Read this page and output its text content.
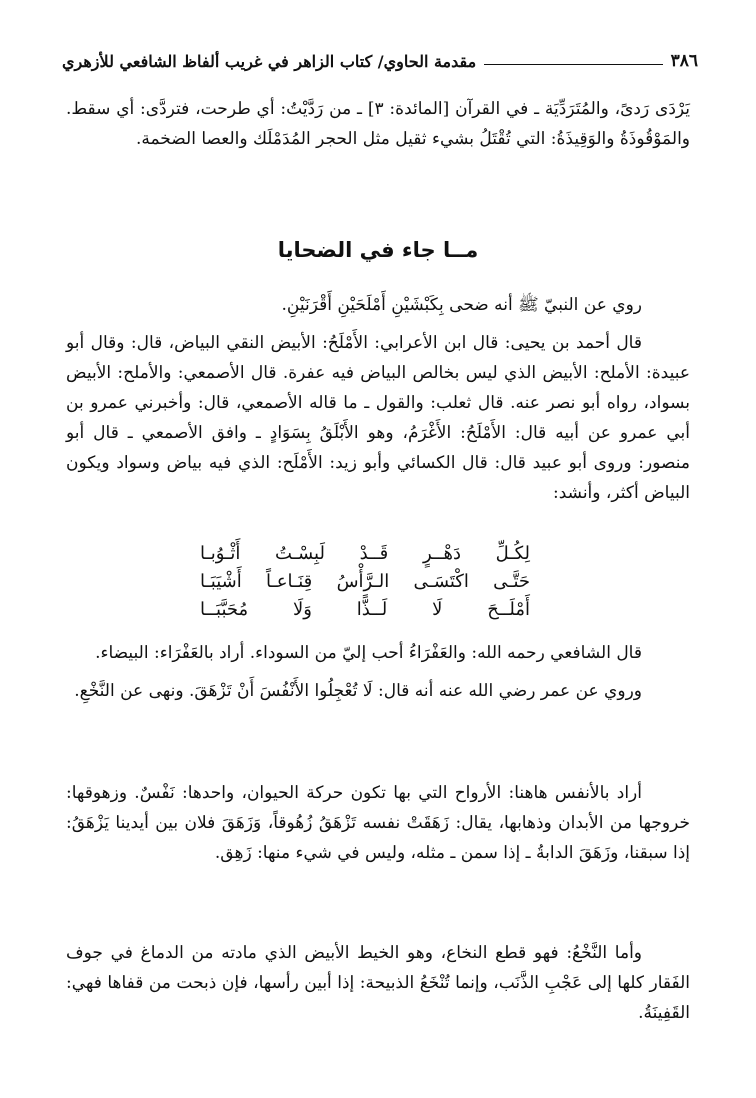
٣٨٦
مقدمة الحاوي/ كتاب الزاهر في غريب ألفاظ الشافعي للأزهري

يَرْدَى رَدىً، والمُتَرَدِّيَة ـ في القرآن [المائدة: ٣] ـ من رَدَّيْتُ: أي طرحت، فتردَّى: أي سقط. والمَوْقُوذَةُ والوَقِيذَةُ: التي تُقْتَلُ بشيء ثقيل مثل الحجر المُدَمْلَك والعصا الضخمة.

مــا جاء في الضحايا

روي عن النبيّ ﷺ أنه ضحى بِكَبْشَيْنِ أَمْلَحَيْنِ أَقْرَنَيْنِ.

قال أحمد بن يحيى: قال ابن الأعرابي: الأَمْلَحُ: الأبيض النقي البياض، قال: وقال أبو عبيدة: الأملح: الأبيض الذي ليس بخالص البياض فيه عفرة. قال الأصمعي: والأملح: الأبيض بسواد، رواه أبو نصر عنه. قال ثعلب: والقول ـ ما قاله الأصمعي، قال: وأخبرني عمرو بن أبي عمرو عن أبيه قال: الأَمْلَحُ: الأَغْرَمُ، وهو الأَبْلَقُ بِسَوَادٍ ـ وافق الأصمعي ـ قال أبو منصور: وروى أبو عبيد قال: قال الكسائي وأبو زيد: الأَمْلَح: الذي فيه بياض وسواد ويكون البياض أكثر، وأنشد:

لِكُـلِّ دَهْــرٍ قَــدْ لَبِسْـتُ أَثْـوُبـا
حَتَّـى اكْتَسَـى الـرَّأْسُ قِنَـاعـاً أَشْيَبَـا
أَمْلَــحَ لَا لَــذًّا وَلَا مُحَبَّبَــا

قال الشافعي رحمه الله: والعَفْرَاءُ أحب إليّ من السوداء. أراد بالعَفْرَاء: البيضاء.

وروي عن عمر رضي الله عنه أنه قال: لَا تُعْجِلُوا الأَنْفُسَ أَنْ تَزْهَقَ. ونهى عن النَّخْعِ.

أراد بالأنفس هاهنا: الأرواح التي بها تكون حركة الحيوان، واحدها: نَفْسٌ. وزهوقها: خروجها من الأبدان وذهابها، يقال: زَهَقَتْ نفسه تَزْهَقُ زُهُوقاً، وَزَهَقَ فلان بين أيدينا يَزْهَقُ: إذا سبقنا، وزَهَقَ الدابةُ ـ إذا سمن ـ مثله، وليس في شيء منها: زَهِق.

وأما النَّخْعُ: فهو قطع النخاع، وهو الخيط الأبيض الذي مادته من الدماغ في جوف الفَقار كلها إلى عَجْبِ الذَّنَب، وإنما تُنْخَعُ الذبيحة: إذا أبين رأسها، فإن ذبحت من قفاها فهي: القَفِينَةُ.
